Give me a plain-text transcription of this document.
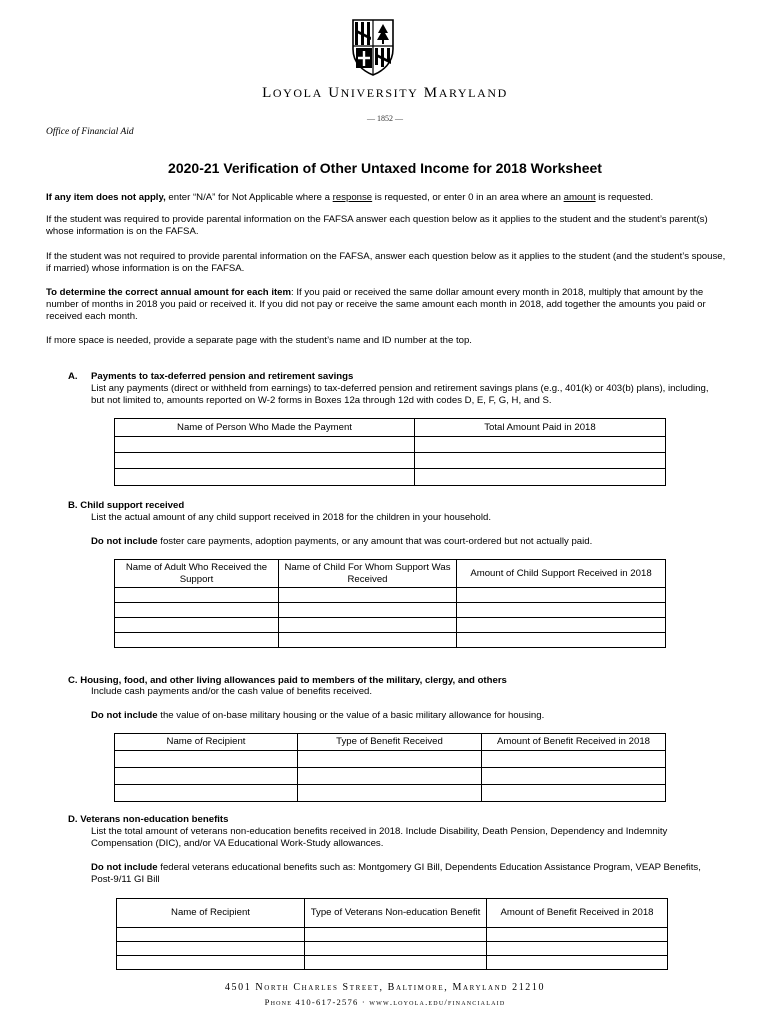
LOYOLA UNIVERSITY MARYLAND
— 1852 —
Office of Financial Aid
2020-21 Verification of Other Untaxed Income for 2018 Worksheet
If any item does not apply, enter “N/A” for Not Applicable where a response is requested, or enter 0 in an area where an amount is requested.
If the student was required to provide parental information on the FAFSA answer each question below as it applies to the student and the student’s parent(s) whose information is on the FAFSA.
If the student was not required to provide parental information on the FAFSA, answer each question below as it applies to the student (and the student’s spouse, if married) whose information is on the FAFSA.
To determine the correct annual amount for each item: If you paid or received the same dollar amount every month in 2018, multiply that amount by the number of months in 2018 you paid or received it. If you did not pay or receive the same amount each month in 2018, add together the amounts you paid or received each month.
If more space is needed, provide a separate page with the student’s name and ID number at the top.
A. Payments to tax-deferred pension and retirement savings
List any payments (direct or withheld from earnings) to tax-deferred pension and retirement savings plans (e.g., 401(k) or 403(b) plans), including, but not limited to, amounts reported on W-2 forms in Boxes 12a through 12d with codes D, E, F, G, H, and S.
Name of Person Who Made the Payment	Total Amount Paid in 2018

B. Child support received
List the actual amount of any child support received in 2018 for the children in your household.
Do not include foster care payments, adoption payments, or any amount that was court-ordered but not actually paid.
Name of Adult Who Received the Support	Name of Child For Whom Support Was Received	Amount of Child Support Received in 2018

C. Housing, food, and other living allowances paid to members of the military, clergy, and others
Include cash payments and/or the cash value of benefits received.
Do not include the value of on-base military housing or the value of a basic military allowance for housing.
Name of Recipient	Type of Benefit Received	Amount of Benefit Received in 2018

D. Veterans non-education benefits
List the total amount of veterans non-education benefits received in 2018. Include Disability, Death Pension, Dependency and Indemnity Compensation (DIC), and/or VA Educational Work-Study allowances.
Do not include federal veterans educational benefits such as: Montgomery GI Bill, Dependents Education Assistance Program, VEAP Benefits, Post-9/11 GI Bill
Name of Recipient	Type of Veterans Non-education Benefit	Amount of Benefit Received in 2018

4501 North Charles Street, Baltimore, Maryland 21210
Phone 410-617-2576 · www.loyola.edu/financialaid
